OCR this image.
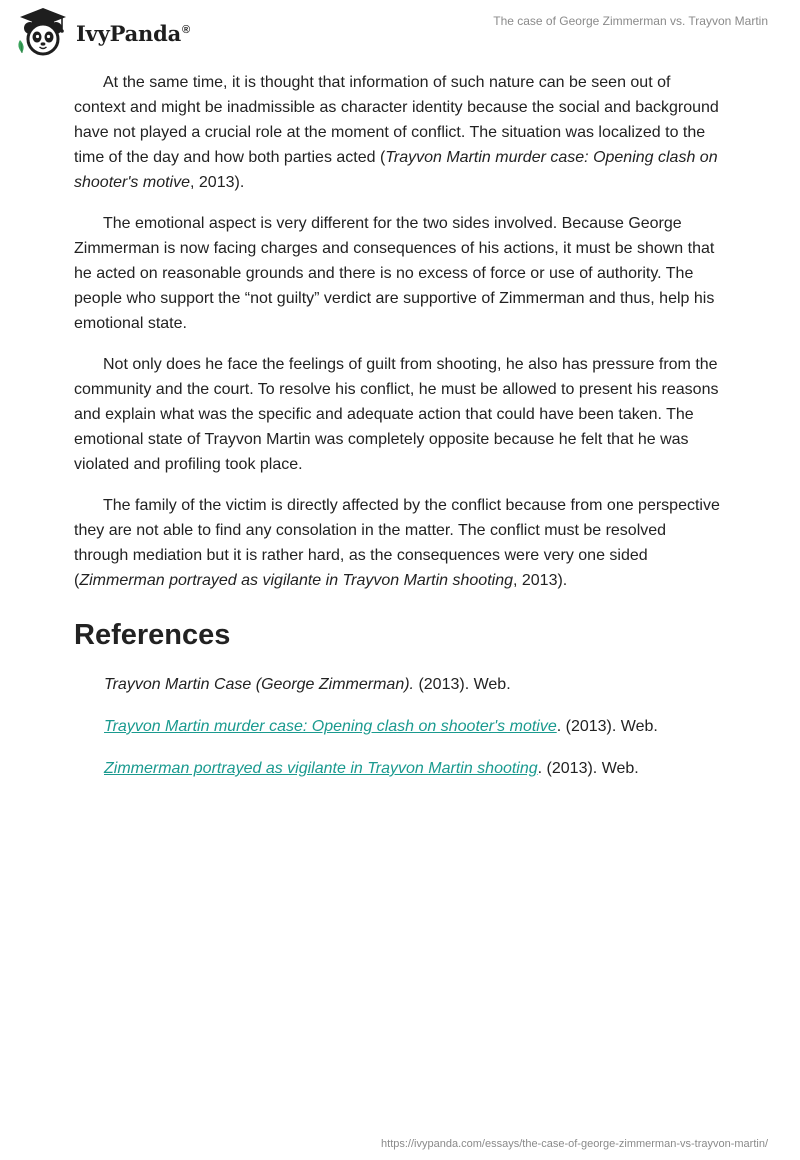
IvyPanda®
The case of George Zimmerman vs. Trayvon Martin

At the same time, it is thought that information of such nature can be seen out of context and might be inadmissible as character identity because the social and background have not played a crucial role at the moment of conflict. The situation was localized to the time of the day and how both parties acted (Trayvon Martin murder case: Opening clash on shooter's motive, 2013).

The emotional aspect is very different for the two sides involved. Because George Zimmerman is now facing charges and consequences of his actions, it must be shown that he acted on reasonable grounds and there is no excess of force or use of authority. The people who support the “not guilty” verdict are supportive of Zimmerman and thus, help his emotional state.

Not only does he face the feelings of guilt from shooting, he also has pressure from the community and the court. To resolve his conflict, he must be allowed to present his reasons and explain what was the specific and adequate action that could have been taken. The emotional state of Trayvon Martin was completely opposite because he felt that he was violated and profiling took place.

The family of the victim is directly affected by the conflict because from one perspective they are not able to find any consolation in the matter. The conflict must be resolved through mediation but it is rather hard, as the consequences were very one sided (Zimmerman portrayed as vigilante in Trayvon Martin shooting, 2013).

References

Trayvon Martin Case (George Zimmerman). (2013). Web.

Trayvon Martin murder case: Opening clash on shooter's motive. (2013). Web.

Zimmerman portrayed as vigilante in Trayvon Martin shooting. (2013). Web.

https://ivypanda.com/essays/the-case-of-george-zimmerman-vs-trayvon-martin/
